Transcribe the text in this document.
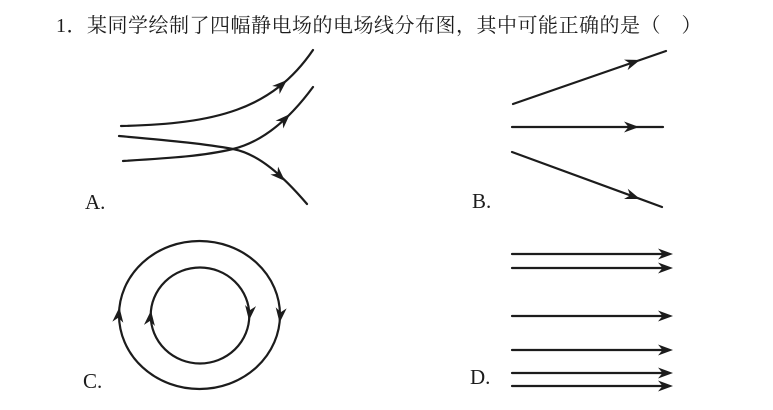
1．某同学绘制了四幅静电场的电场线分布图，其中可能正确的是（　）
A.	B.
C.	D.
